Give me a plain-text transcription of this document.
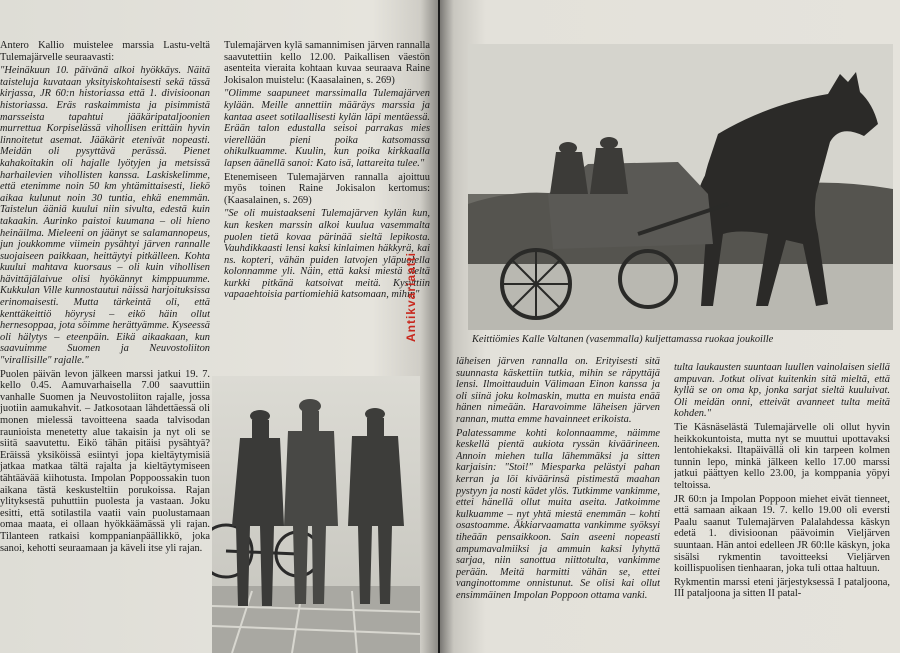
Antero Kallio muistelee marssia Lastu-veltä Tulemajärvelle seuraavasti:

"Heinäkuun 10. päivänä alkoi hyökkäys. Näitä taisteluja kuvataan yksityiskohtaisesti sekä tässä kirjassa, JR 60:n historiassa että 1. divisioonan historiassa. Eräs raskaimmista ja pisimmistä marsseista tapahtui jääkäripataljoonien murrettua Korpiselässä vihollisen erittäin hyvin linnoitetut asemat. Jääkärit etenivät nopeasti. Meidän oli pysyttävä perässä. Pienet kahakoitakin oli hajalle lyötyjen ja metsissä harhailevien vihollisten kanssa. Laskiskelimme, että etenimme noin 50 km yhtämittaisesti, liekö aikaa kulunut noin 30 tuntia, ehkä enemmän. Taistelun ääniä kuului niin sivulta, edestä kuin takaakin. Aurinko paistoi kuumana – oli hieno heinäilma. Mieleeni on jäänyt se salamannopeus, jun joukkomme viimein pysähtyi järven rannalle suojaiseen paikkaan, heittäytyi pitkälleen. Kohta kuului mahtava kuorsaus – oli kuin vihollisen hävittäjälaivue olisi hyökännyt kimppuumme. Kukkulan Ville kunnostautui näissä harjoituksissa erinomaisesti. Mutta tärkeintä oli, että kenttäkeittiö höyrysi – eikö häin ollut hernesoppaa, jota söimme herättyämme. Kyseessä oli hälytys – eteenpäin. Eikä aikaakaan, kun saavuimme Suomen ja Neuvostoliiton "virallisille" rajalle."

Puolen päivän levon jälkeen marssi jatkui 19. 7. kello 0.45. Aamuvarhaisella 7.00 saavuttiin vanhalle Suomen ja Neuvostoliiton rajalle, jossa juotiin aamukahvit. – Jatkosotaan lähdettäessä oli monen mielessä tavoitteena saada talvisodan raunioista menetetty alue takaisin ja nyt oli se siitä saavutettu. Eikö tähän pitäisi pysähtyä? Eräissä yksiköissä esiintyi jopa kieltäytymisiä jatkaa matkaa tältä rajalta ja kieltäytymiseen tähtäävää kiihotusta. Impolan Poppoossakin tuon aikana tästä keskusteltiin porukoissa. Rajan ylityksestä puhuttiin puolesta ja vastaan. Joku esitti, että sotilastila vaatii vain puolustamaan omaa maata, ei ollaan hyökkäämässä yli rajan. Tilanteen ratkaisi komppanianpäällikkö, joka sanoi, kehotti seuraamaan ja käveli itse yli rajan.

Tulemajärven kylä samannimisen järven rannalla saavutettiin kello 12.00. Paikallisen väestön asenteita vieraita kohtaan kuvaa seuraava Raine Jokisalon muistelu: (Kaasalainen, s. 269)

"Olimme saapuneet marssimalla Tulemajärven kylään. Meille annettiin määräys marssia ja kantaa aseet sotilaallisesti kylän läpi mentäessä. Erään talon edustalla seisoi parrakas mies vierellään pieni poika katsomassa ohikulkuamme. Kuulin, kun poika kirkkaalla lapsen äänellä sanoi: Kato isä, lattareita tulee."

Etenemiseen Tulemajärven rannalla ajoittuu myös toinen Raine Jokisalon kertomus: (Kaasalainen, s. 269)

"Se oli muistaakseni Tulemajärven kylän kun, kun kesken marssin alkoi kuulua vasemmalta puolen tietä kovaa pärinää sieltä lepikosta. Vauhdikkaasti lensi kaksi kinlaimen häkkyrä, kai ns. kopteri, vähän puiden latvojen yläpuolella kolonnamme yli. Näin, että kaksi miestä sieltä kurkki pitkänä katsoivat meitä. Kysyttiin vapaaehtoisia partiomiehiä katsomaan, mihin"

Keittiömies Kalle Valtanen (vasemmalla) kuljettamassa ruokaa joukoille

läheisen järven rannalla on. Erityisesti sitä suunnasta käskettiin tutkia, mihin se räpyttäjä lensi. Ilmoittauduin Välimaan Einon kanssa ja oli siinä joku kolmaskin, mutta en muista enää hänen nimeään. Haravoimme läheisen järven rannan, mutta emme havainneet erikoista.

Palatessamme kohti kolonnaamme, näimme keskellä pientä aukiota ryssän kiväärineen. Annoin miehen tulla lähemmäksi ja sitten karjaisin: "Stoi!" Miesparka pelästyi pahan kerran ja löi kiväärinsä pistimestä maahan pystyyn ja nosti kädet ylös. Tutkimme vankimme, ettei hänellä ollut muita aseita. Jatkoimme kulkuamme – nyt yhtä miestä enemmän – kohti osastoamme. Äkkiarvaamatta vankimme syöksyi tiheään pensaikkoon. Sain aseeni nopeasti ampumavalmiiksi ja ammuin kaksi lyhyttä sarjaa, niin sanottua niittotulta, vankimme perään. Meitä harmitti vähän se, ettei vanginottomme onnistunut. Se olisi kai ollut ensimmäinen Impolan Poppoon ottama vanki.

tulta laukausten suuntaan luullen vainolaisen siellä ampuvan. Jotkut olivat kuitenkin sitä mieltä, että kyllä se on oma kp, jonka sarjat sieltä kuuluivat. Oli meidän onni, etteivät avanneet tulta meitä kohden."

Tie Käsnäselästä Tulemajärvelle oli ollut hyvin heikkokuntoista, mutta nyt se muuttui upottavaksi lentohiekaksi. Iltapäivällä oli kin tarpeen kolmen tunnin lepo, minkä jälkeen kello 17.00 marssi jatkui päättyen kello 23.00, ja komppania yöpyi teltoissa.

JR 60:n ja Impolan Poppoon miehet eivät tienneet, että samaan aikaan 19. 7. kello 19.00 oli eversti Paalu saanut Tulemajärven Palalahdessa käskyn edetä 1. divisioonan päävoimin Vieljärven suuntaan. Hän antoi edelleen JR 60:lle käskyn, joka sisälsi rykmentin tavoitteeksi Vieljärven koillispuolisen tienhaaran, joka tuli ottaa haltuun.

Rykmentin marssi eteni järjestyksessä I pataljoona, III pataljoona ja sitten II patal-

Antikvariaatti
